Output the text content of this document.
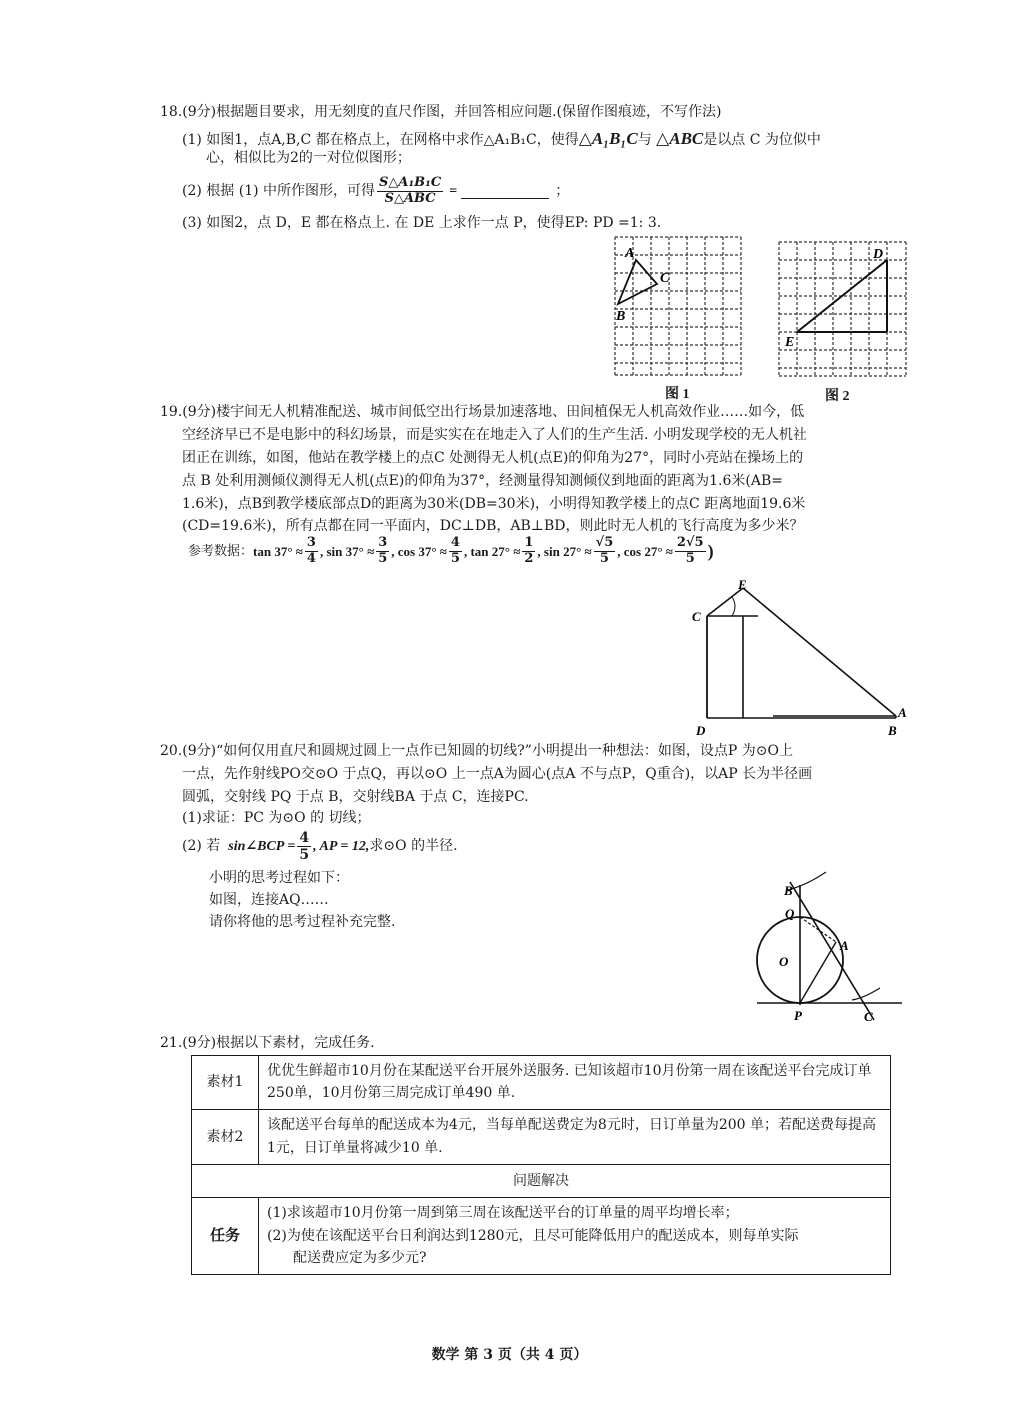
18.(9分)根据题目要求，用无刻度的直尺作图，并回答相应问题.(保留作图痕迹，不写作法)
(1) 如图1，点A,B,C 都在格点上，在网格中求作△A₁B₁C，使得△A₁B₁C与 △ABC是以点 C 为位似中
心，相似比为2的一对位似图形；
(2) 根据 (1) 中所作图形，可得 $\frac{\text{S△A₁B₁C}}{\text{S△ABC}}$ =	；
(3) 如图2，点 D，E 都在格点上. 在 DE 上求作一点 P，使得EP: PD =1: 3.
A
C
B
图 1
D
E
图 2
19.(9分)楼宇间无人机精准配送、城市间低空出行场景加速落地、田间植保无人机高效作业……如今，低
空经济早已不是电影中的科幻场景，而是实实在在地走入了人们的生产生活. 小明发现学校的无人机社
团正在训练，如图，他站在教学楼上的点C 处测得无人机(点E)的仰角为27°，同时小亮站在操场上的
点 B 处利用测倾仪测得无人机(点E)的仰角为37°，经测量得知测倾仪到地面的距离为1.6米(AB=
1.6米)，点B到教学楼底部点D的距离为30米(DB=30米)，小明得知教学楼上的点C 距离地面19.6米
(CD=19.6米)，所有点都在同一平面内，DC⊥DB，AB⊥BD，则此时无人机的飞行高度为多少米？
参考数据： $\tan 37^\circ \approx \frac{3}{4}$ , $\sin 37^\circ \approx \frac{3}{5}$ , $\cos 37^\circ \approx \frac{4}{5}$ , $\tan 27^\circ \approx \frac{1}{2}$ , $\sin 27^\circ \approx \frac{√5}{5}$ , $\cos 27^\circ \approx \frac{2√5}{5}$ )
E
C
D	B
A
20.(9分)“如何仅用直尺和圆规过圆上一点作已知圆的切线?”小明提出一种想法：如图，设点P 为⊙O上
一点，先作射线PO交⊙O 于点Q，再以⊙O 上一点A为圆心(点A 不与点P，Q重合)，以AP 长为半径画
圆弧，交射线 PQ 于点 B，交射线BA 于点 C，连接PC.
(1)求证：PC 为⊙O 的 切线；
(2) 若 sin∠BCP = $\frac{4}{5}$ , AP = 12, 求⊙O 的半径.
小明的思考过程如下：
如图，连接AQ……
请你将他的思考过程补充完整.
B
Q
O
A
P	C
21.(9分)根据以下素材，完成任务.
素材1	优优生鲜超市10月份在某配送平台开展外送服务. 已知该超市10月份第一周在该配送平台完成订单250单，10月份第三周完成订单490 单.
素材2	该配送平台每单的配送成本为4元，当每单配送费定为8元时，日订单量为200 单；若配送费每提高1元，日订单量将减少10 单.
问题解决	
任务	(1)求该超市10月份第一周到第三周在该配送平台的订单量的周平均增长率；
(2)为使在该配送平台日利润达到1280元，且尽可能降低用户的配送成本，则每单实际
配送费应定为多少元?
数学 第 3 页（共 4 页）
